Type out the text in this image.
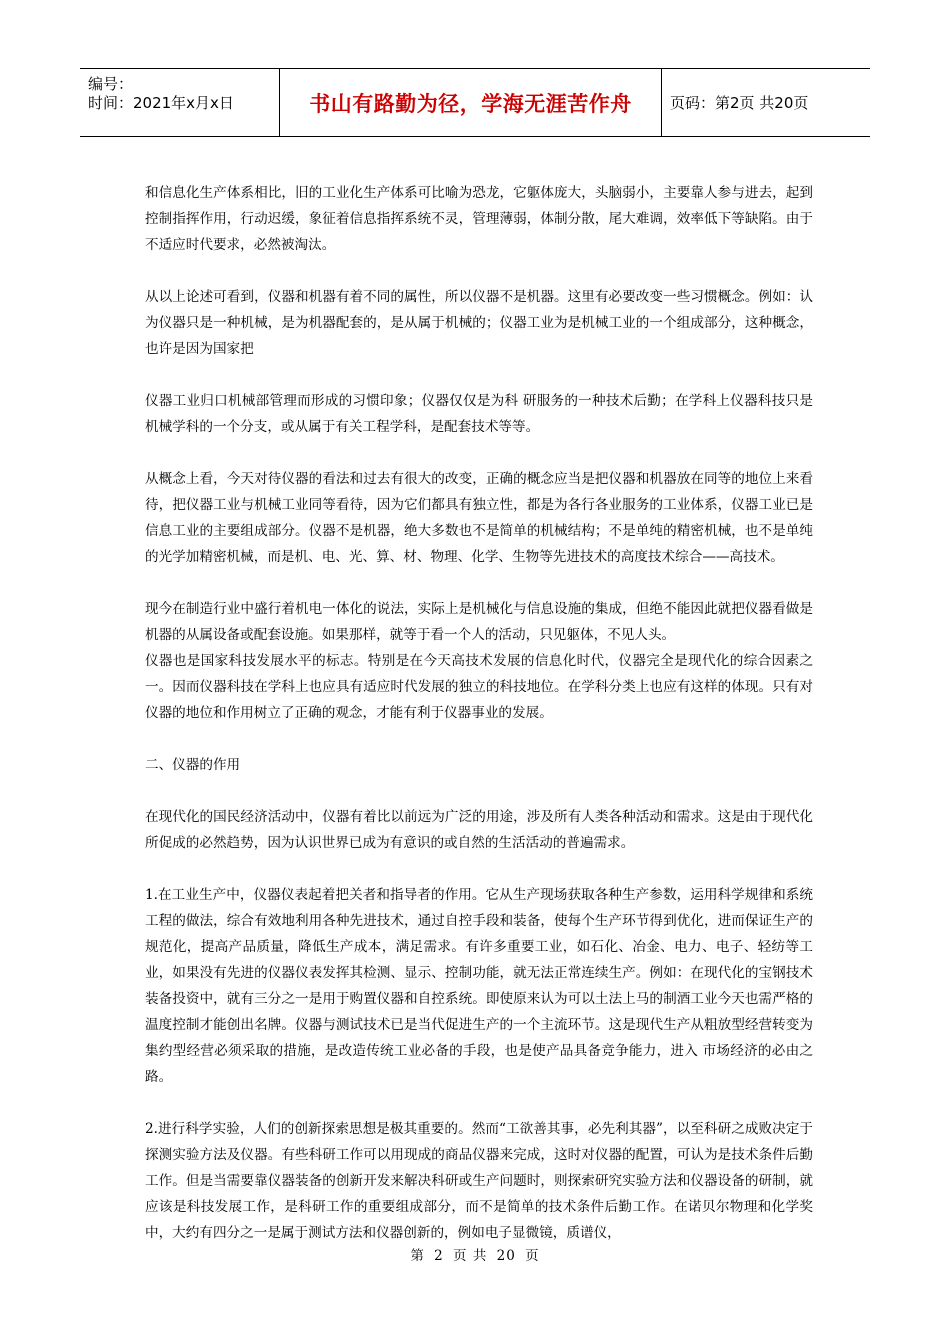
编号：
时间：2021年x月x日	书山有路勤为径，学海无涯苦作舟	页码：第2页 共20页

和信息化生产体系相比，旧的工业化生产体系可比喻为恐龙，它躯体庞大，头脑弱小，主要靠人参与进去，起到控制指挥作用，行动迟缓，象征着信息指挥系统不灵，管理薄弱，体制分散，尾大难调，效率低下等缺陷。由于不适应时代要求，必然被淘汰。

从以上论述可看到，仪器和机器有着不同的属性，所以仪器不是机器。这里有必要改变一些习惯概念。例如：认为仪器只是一种机械，是为机器配套的，是从属于机械的；仪器工业为是机械工业的一个组成部分，这种概念，也许是因为国家把

仪器工业归口机械部管理而形成的习惯印象；仪器仅仅是为科 研服务的一种技术后勤；在学科上仪器科技只是机械学科的一个分支，或从属于有关工程学科，是配套技术等等。

从概念上看，今天对待仪器的看法和过去有很大的改变，正确的概念应当是把仪器和机器放在同等的地位上来看待，把仪器工业与机械工业同等看待，因为它们都具有独立性，都是为各行各业服务的工业体系，仪器工业已是信息工业的主要组成部分。仪器不是机器，绝大多数也不是简单的机械结构；不是单纯的精密机械，也不是单纯的光学加精密机械，而是机、电、光、算、材、物理、化学、生物等先进技术的高度技术综合——高技术。

现今在制造行业中盛行着机电一体化的说法，实际上是机械化与信息设施的集成，但绝不能因此就把仪器看做是机器的从属设备或配套设施。如果那样，就等于看一个人的活动，只见躯体，不见人头。

仪器也是国家科技发展水平的标志。特别是在今天高技术发展的信息化时代，仪器完全是现代化的综合因素之一。因而仪器科技在学科上也应具有适应时代发展的独立的科技地位。在学科分类上也应有这样的体现。只有对仪器的地位和作用树立了正确的观念，才能有利于仪器事业的发展。

二、仪器的作用

在现代化的国民经济活动中，仪器有着比以前远为广泛的用途，涉及所有人类各种活动和需求。这是由于现代化所促成的必然趋势，因为认识世界已成为有意识的或自然的生活活动的普遍需求。

1.在工业生产中，仪器仪表起着把关者和指导者的作用。它从生产现场获取各种生产参数，运用科学规律和系统工程的做法，综合有效地利用各种先进技术，通过自控手段和装备，使每个生产环节得到优化，进而保证生产的规范化，提高产品质量，降低生产成本，满足需求。有许多重要工业，如石化、冶金、电力、电子、轻纺等工业，如果没有先进的仪器仪表发挥其检测、显示、控制功能，就无法正常连续生产。例如：在现代化的宝钢技术装备投资中，就有三分之一是用于购置仪器和自控系统。即使原来认为可以土法上马的制酒工业今天也需严格的温度控制才能创出名牌。仪器与测试技术已是当代促进生产的一个主流环节。这是现代生产从粗放型经营转变为集约型经营必须采取的措施，是改造传统工业必备的手段，也是使产品具备竞争能力，进入 市场经济的必由之路。

2.进行科学实验，人们的创新探索思想是极其重要的。然而“工欲善其事，必先利其器”，以至科研之成败决定于探测实验方法及仪器。有些科研工作可以用现成的商品仪器来完成，这时对仪器的配置，可认为是技术条件后勤工作。但是当需要靠仪器装备的创新开发来解决科研或生产问题时，则探索研究实验方法和仪器设备的研制，就应该是科技发展工作，是科研工作的重要组成部分，而不是简单的技术条件后勤工作。在诺贝尔物理和化学奖中，大约有四分之一是属于测试方法和仪器创新的，例如电子显微镜，质谱仪，

第 2 页 共 20 页
